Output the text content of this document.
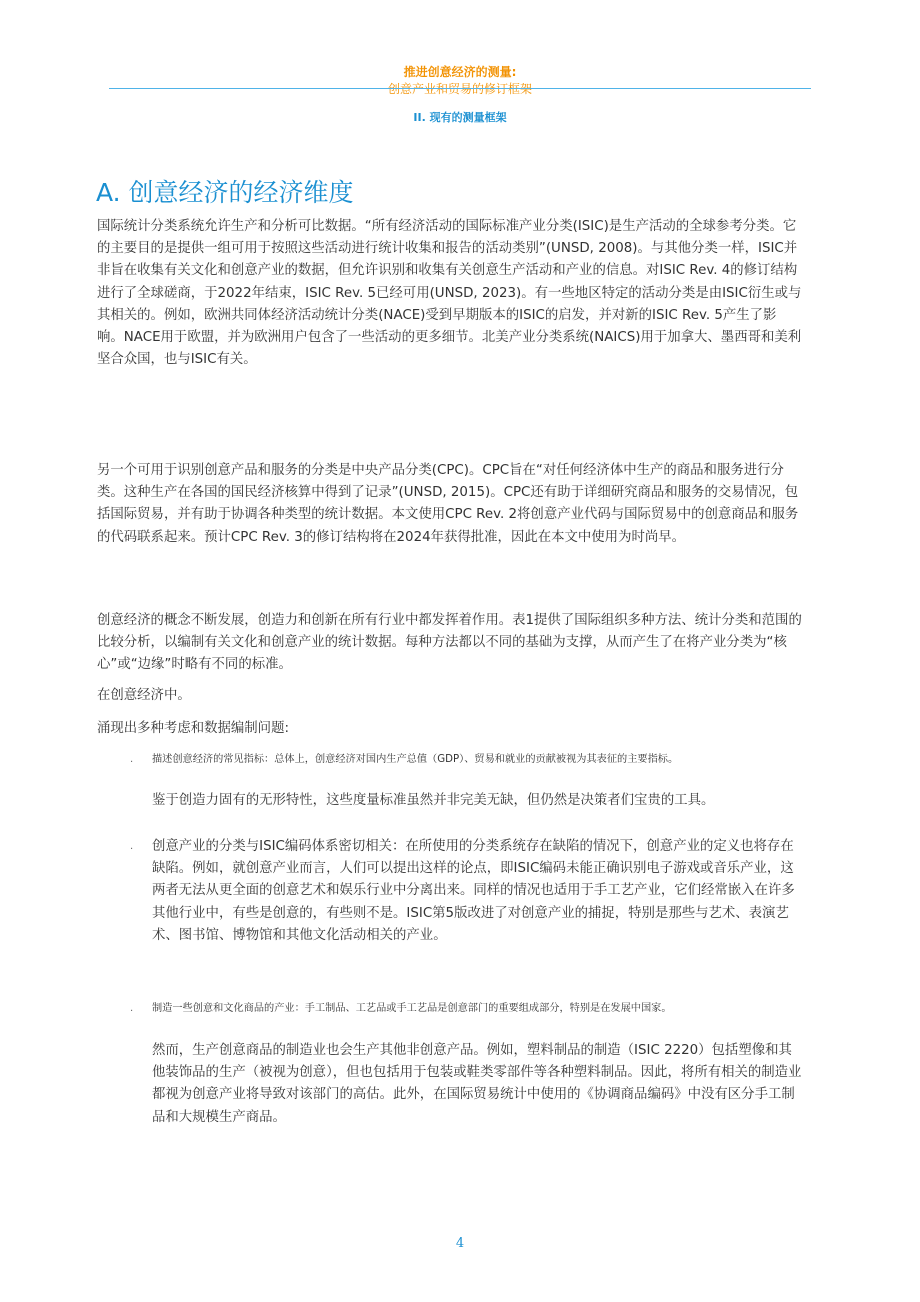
推进创意经济的测量:
创意产业和贸易的修订框架
II. 现有的测量框架
A. 创意经济的经济维度

国际统计分类系统允许生产和分析可比数据。“所有经济活动的国际标准产业分类(ISIC)是生产活动的全球参考分类。它的主要目的是提供一组可用于按照这些活动进行统计收集和报告的活动类别”(UNSD, 2008)。与其他分类一样，ISIC并非旨在收集有关文化和创意产业的数据，但允许识别和收集有关创意生产活动和产业的信息。对ISIC Rev. 4的修订结构进行了全球磋商，于2022年结束，ISIC Rev. 5已经可用(UNSD, 2023)。有一些地区特定的活动分类是由ISIC衍生或与其相关的。例如，欧洲共同体经济活动统计分类(NACE)受到早期版本的ISIC的启发，并对新的ISIC Rev. 5产生了影响。NACE用于欧盟，并为欧洲用户包含了一些活动的更多细节。北美产业分类系统(NAICS)用于加拿大、墨西哥和美利坚合众国，也与ISIC有关。

另一个可用于识别创意产品和服务的分类是中央产品分类(CPC)。CPC旨在“对任何经济体中生产的商品和服务进行分类。这种生产在各国的国民经济核算中得到了记录”(UNSD, 2015)。CPC还有助于详细研究商品和服务的交易情况，包括国际贸易，并有助于协调各种类型的统计数据。本文使用CPC Rev. 2将创意产业代码与国际贸易中的创意商品和服务的代码联系起来。预计CPC Rev. 3的修订结构将在2024年获得批准，因此在本文中使用为时尚早。

创意经济的概念不断发展，创造力和创新在所有行业中都发挥着作用。表1提供了国际组织多种方法、统计分类和范围的比较分析，以编制有关文化和创意产业的统计数据。每种方法都以不同的基础为支撑，从而产生了在将产业分类为“核心”或“边缘”时略有不同的标准。

在创意经济中。

涌现出多种考虑和数据编制问题:

· 描述创意经济的常见指标：总体上，创意经济对国内生产总值（GDP）、贸易和就业的贡献被视为其表征的主要指标。
鉴于创造力固有的无形特性，这些度量标准虽然并非完美无缺，但仍然是决策者们宝贵的工具。
· 创意产业的分类与ISIC编码体系密切相关：在所使用的分类系统存在缺陷的情况下，创意产业的定义也将存在缺陷。例如，就创意产业而言，人们可以提出这样的论点，即ISIC编码未能正确识别电子游戏或音乐产业，这两者无法从更全面的创意艺术和娱乐行业中分离出来。同样的情况也适用于手工艺产业，它们经常嵌入在许多其他行业中，有些是创意的，有些则不是。ISIC第5版改进了对创意产业的捕捉，特别是那些与艺术、表演艺术、图书馆、博物馆和其他文化活动相关的产业。
· 制造一些创意和文化商品的产业：手工制品、工艺品或手工艺品是创意部门的重要组成部分，特别是在发展中国家。
然而，生产创意商品的制造业也会生产其他非创意产品。例如，塑料制品的制造（ISIC 2220）包括塑像和其他装饰品的生产（被视为创意），但也包括用于包装或鞋类零部件等各种塑料制品。因此，将所有相关的制造业都视为创意产业将导致对该部门的高估。此外，在国际贸易统计中使用的《协调商品编码》中没有区分手工制品和大规模生产商品。
4
